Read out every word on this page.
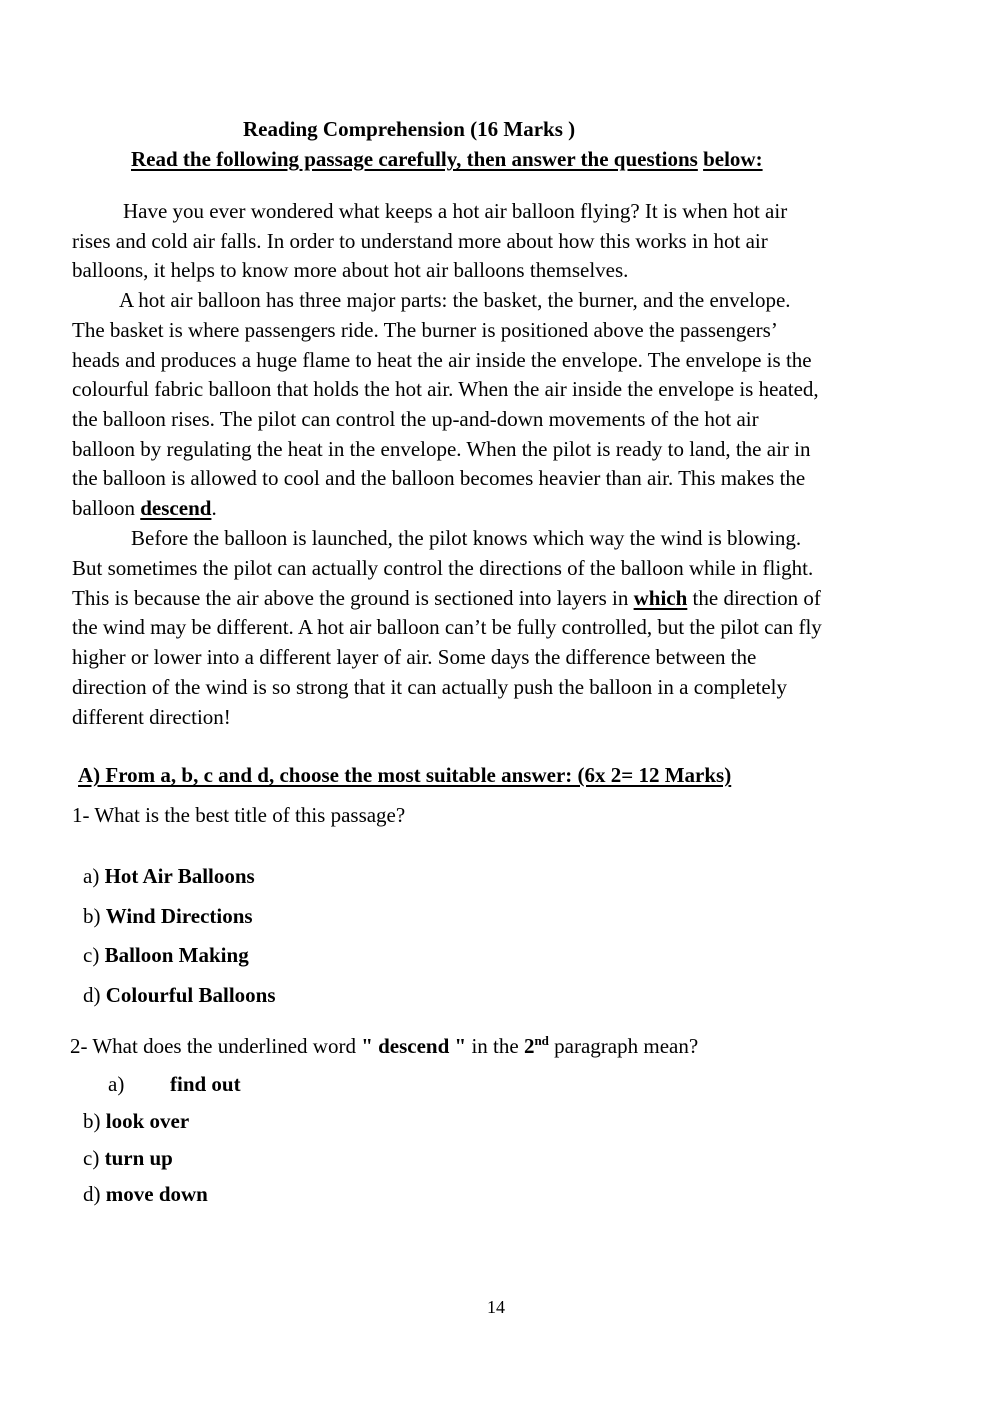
Reading Comprehension (16 Marks )
Read the following passage carefully, then answer the questions below:
Have you ever wondered what keeps a hot air balloon flying? It is when hot air
rises and cold air falls. In order to understand more about how this works in hot air
balloons, it helps to know more about hot air balloons themselves.
A hot air balloon has three major parts: the basket, the burner, and the envelope.
The basket is where passengers ride. The burner is positioned above the passengers’
heads and produces a huge flame to heat the air inside the envelope. The envelope is the
colourful fabric balloon that holds the hot air. When the air inside the envelope is heated,
the balloon rises. The pilot can control the up-and-down movements of the hot air
balloon by regulating the heat in the envelope. When the pilot is ready to land, the air in
the balloon is allowed to cool and the balloon becomes heavier than air. This makes the
balloon descend.
Before the balloon is launched, the pilot knows which way the wind is blowing.
But sometimes the pilot can actually control the directions of the balloon while in flight.
This is because the air above the ground is sectioned into layers in which the direction of
the wind may be different. A hot air balloon can’t be fully controlled, but the pilot can fly
higher or lower into a different layer of air. Some days the difference between the
direction of the wind is so strong that it can actually push the balloon in a completely
different direction!
A) From a, b, c and d, choose the most suitable answer: (6x 2= 12 Marks)
1- What is the best title of this passage?
a) Hot Air Balloons
b) Wind Directions
c) Balloon Making
d) Colourful Balloons
2- What does the underlined word " descend " in the 2nd paragraph mean?
a) find out
b) look over
c) turn up
d) move down
14
